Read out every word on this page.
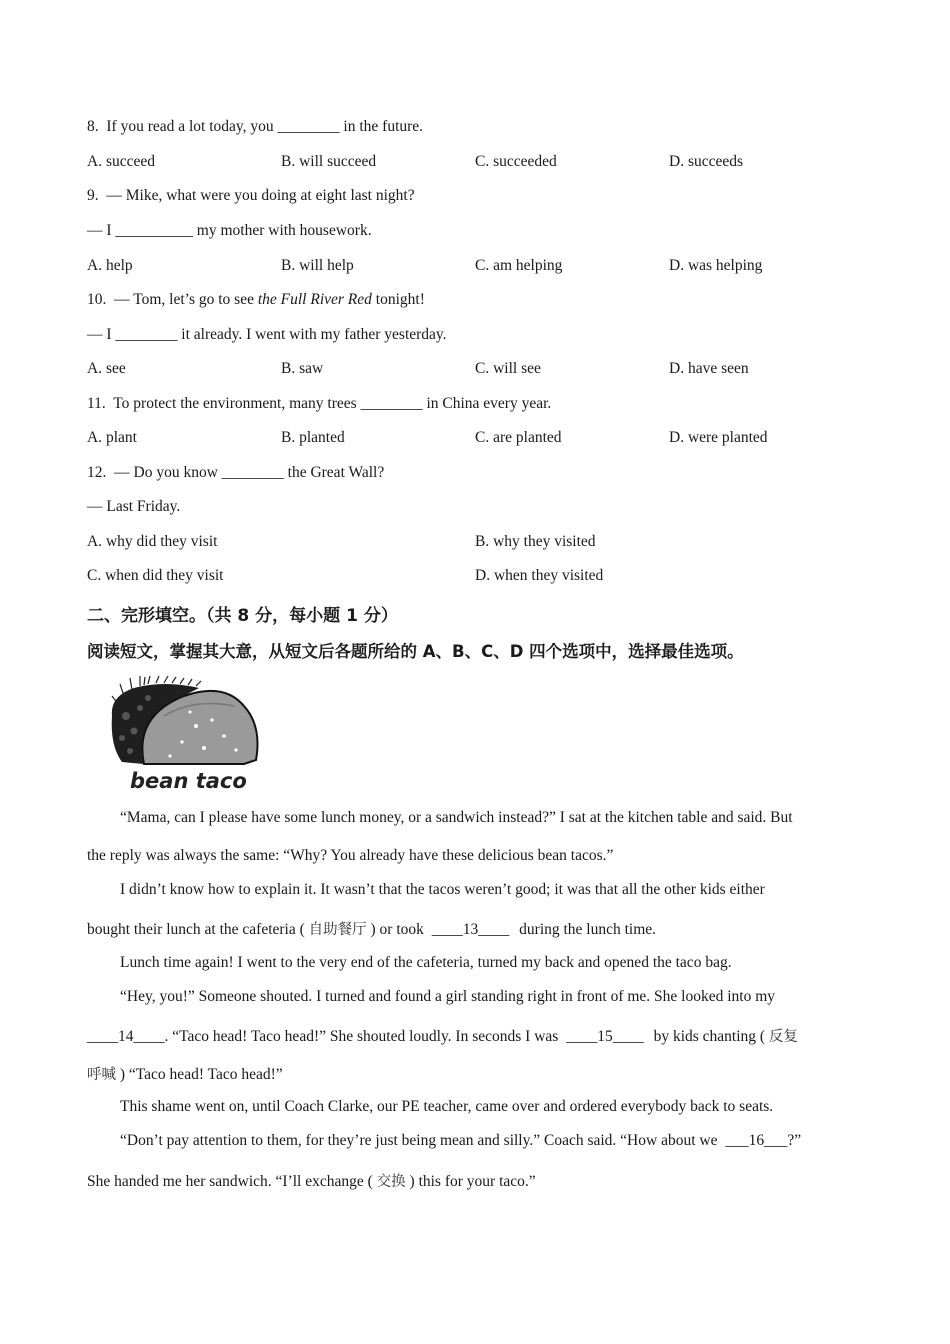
8. If you read a lot today, you ________ in the future.
A. succeed	B. will succeed	C. succeeded	D. succeeds
9. — Mike, what were you doing at eight last night?
— I __________ my mother with housework.
A. help	B. will help	C. am helping	D. was helping
10. — Tom, let’s go to see the Full River Red tonight!
— I ________ it already. I went with my father yesterday.
A. see	B. saw	C. will see	D. have seen
11. To protect the environment, many trees ________ in China every year.
A. plant	B. planted	C. are planted	D. were planted
12. — Do you know ________ the Great Wall?
— Last Friday.
A. why did they visit	B. why they visited
C. when did they visit	D. when they visited
二、完形填空。（共 8 分，每小题 1 分）
阅读短文，掌握其大意，从短文后各题所给的 A、B、C、D 四个选项中，选择最佳选项。
bean taco
“Mama, can I please have some lunch money, or a sandwich instead?” I sat at the kitchen table and said. But
the reply was always the same: “Why? You already have these delicious bean tacos.”
I didn’t know how to explain it. It wasn’t that the tacos weren’t good; it was that all the other kids either
bought their lunch at the cafeteria ( 自助餐厅 ) or took ____13____ during the lunch time.
Lunch time again! I went to the very end of the cafeteria, turned my back and opened the taco bag.
“Hey, you!” Someone shouted. I turned and found a girl standing right in front of me. She looked into my
____14____. “Taco head! Taco head!” She shouted loudly. In seconds I was ____15____ by kids chanting ( 反复
呼喊 ) “Taco head! Taco head!”
This shame went on, until Coach Clarke, our PE teacher, came over and ordered everybody back to seats.
“Don’t pay attention to them, for they’re just being mean and silly.” Coach said. “How about we ___16___?”
She handed me her sandwich. “I’ll exchange ( 交换 ) this for your taco.”
